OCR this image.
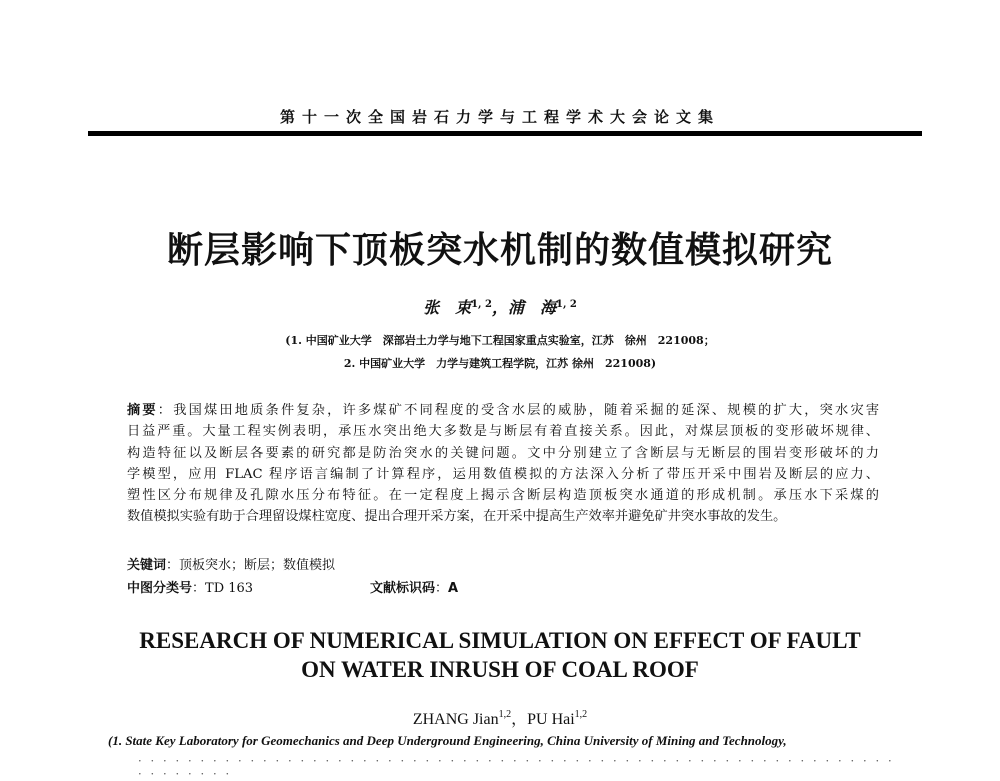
第十一次全国岩石力学与工程学术大会论文集
断层影响下顶板突水机制的数值模拟研究
张　束$^{1, 2}$，浦　海$^{1, 2}$
(1. 中国矿业大学　深部岩土力学与地下工程国家重点实验室，江苏　徐州　221008；
2. 中国矿业大学　力学与建筑工程学院，江苏 徐州　221008)
摘要：我国煤田地质条件复杂，许多煤矿不同程度的受含水层的威胁，随着采掘的延深、规模的扩大，突水灾害
日益严重。大量工程实例表明，承压水突出绝大多数是与断层有着直接关系。因此，对煤层顶板的变形破坏规律、
构造特征以及断层各要素的研究都是防治突水的关键问题。文中分别建立了含断层与无断层的围岩变形破坏的力
学模型，应用 FLAC 程序语言编制了计算程序，运用数值模拟的方法深入分析了带压开采中围岩及断层的应力、
塑性区分布规律及孔隙水压分布特征。在一定程度上揭示含断层构造顶板突水通道的形成机制。承压水下采煤的
数值模拟实验有助于合理留设煤柱宽度、提出合理开采方案，在开采中提高生产效率并避免矿井突水事故的发生。
关键词：顶板突水；断层；数值模拟
中图分类号：TD 163	文献标识码：A
RESEARCH OF NUMERICAL SIMULATION ON EFFECT OF FAULT
ON WATER INRUSH OF COAL ROOF
ZHANG Jian$^{1,2}$，PU Hai$^{1,2}$
(1. State Key Laboratory for Geomechanics and Deep Underground Engineering, China University of Mining and Technology,
· · · · · · · · · · · · · · · · · · · · · · · · · · · · · · · · · · · · · · · · · · · · · · · · · · · · · · · · · · · · · · · · · · · · ·
